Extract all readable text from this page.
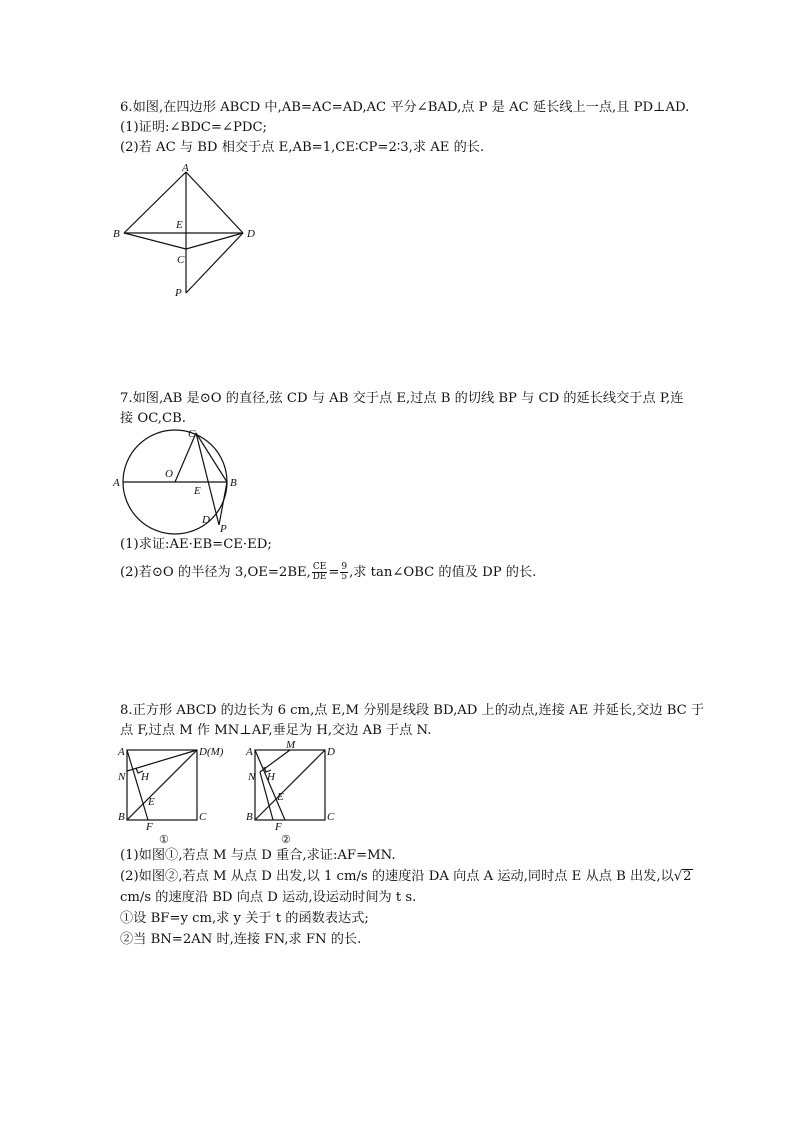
6.如图,在四边形 ABCD 中,AB=AC=AD,AC 平分∠BAD,点 P 是 AC 延长线上一点,且 PD⊥AD.
(1)证明:∠BDC=∠PDC;
(2)若 AC 与 BD 相交于点 E,AB=1,CE∶CP=2∶3,求 AE 的长.
A
B
E
D
C
P
7.如图,AB 是⊙O 的直径,弦 CD 与 AB 交于点 E,过点 B 的切线 BP 与 CD 的延长线交于点 P,连
接 OC,CB.
C
O
A	B
E
D
P
(1)求证:AE·EB=CE·ED;
(2)若⊙O 的半径为 3,OE=2BE, $\frac{CE}{DE} = \frac{9}{5}$ ,求 tan∠OBC 的值及 DP 的长.
8.正方形 ABCD 的边长为 6 cm,点 E,M 分别是线段 BD,AD 上的动点,连接 AE 并延长,交边 BC 于
点 F,过点 M 作 MN⊥AF,垂足为 H,交边 AB 于点 N.
A	D(M)
N H
E
B
F
C
①
A
M
D
H
N
E
B
F
C
②
(1)如图①,若点 M 与点 D 重合,求证:AF=MN.
(2)如图②,若点 M 从点 D 出发,以 1 cm/s 的速度沿 DA 向点 A 运动,同时点 E 从点 B 出发,以√2
cm/s 的速度沿 BD 向点 D 运动,设运动时间为 t s.
①设 BF=y cm,求 y 关于 t 的函数表达式;
②当 BN=2AN 时,连接 FN,求 FN 的长.
